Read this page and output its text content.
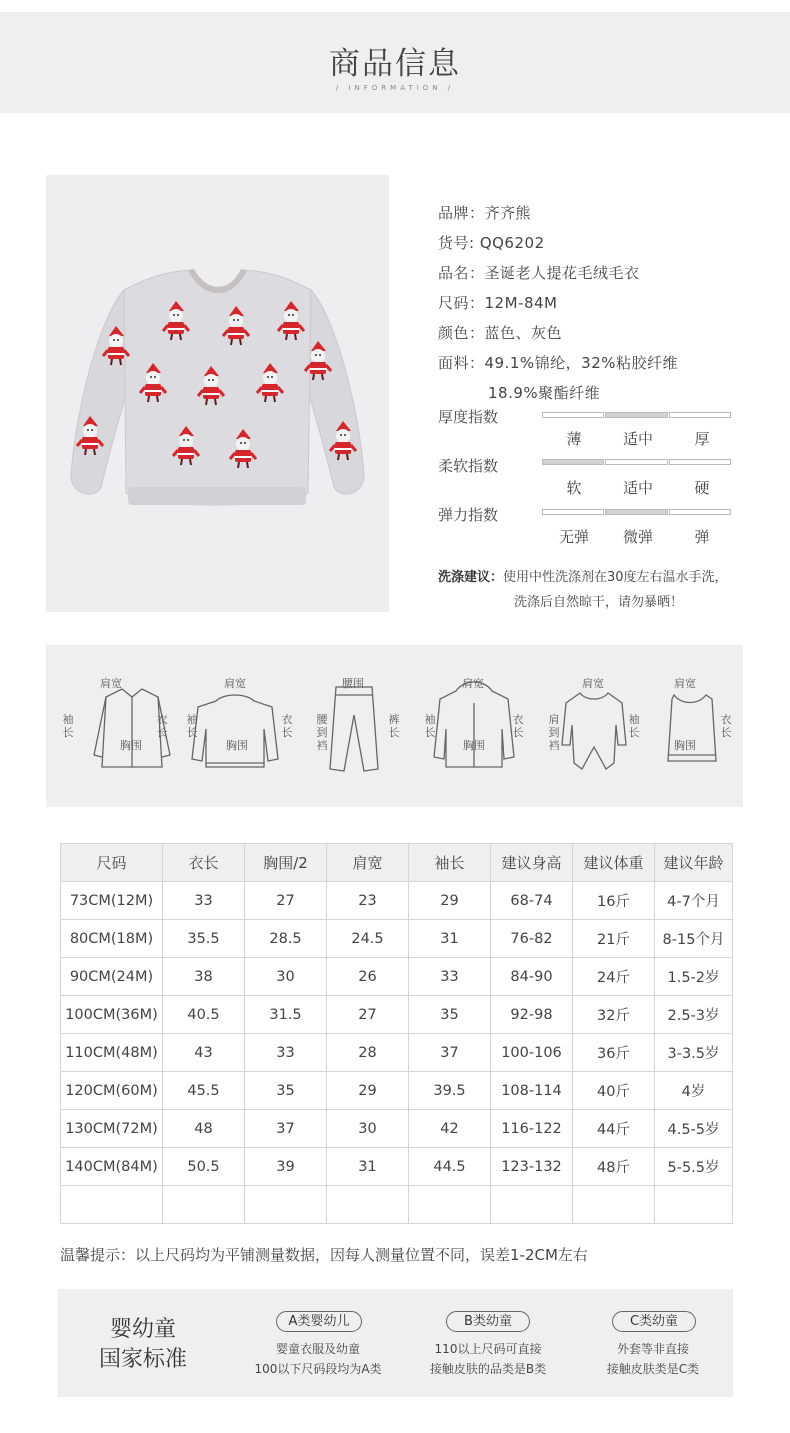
商品信息
/ INFORMATION /
品牌：齐齐熊
货号: QQ6202
品名：圣诞老人提花毛绒毛衣
尺码：12M-84M
颜色：蓝色、灰色
面料：49.1%锦纶，32%粘胶纤维
18.9%聚酯纤维
厚度指数
薄	适中	厚
柔软指数
软	适中	硬
弹力指数
无弹	微弹	弹
洗涤建议：使用中性洗涤剂在30度左右温水手洗，
洗涤后自然晾干，请勿暴晒！
肩宽
胸围
袖长
衣长
肩宽
胸围
袖长
衣长
腰围
腰到裆
裤长
肩宽
胸围
袖长
衣长
肩宽
肩到裆
袖长
肩宽
胸围
衣长
尺码	衣长	胸围/2	肩宽	袖长	建议身高	建议体重	建议年龄
73CM(12M)	33	27	23	29	68-74	16斤	4-7个月
80CM(18M)	35.5	28.5	24.5	31	76-82	21斤	8-15个月
90CM(24M)	38	30	26	33	84-90	24斤	1.5-2岁
100CM(36M)	40.5	31.5	27	35	92-98	32斤	2.5-3岁
110CM(48M)	43	33	28	37	100-106	36斤	3-3.5岁
120CM(60M)	45.5	35	29	39.5	108-114	40斤	4岁
130CM(72M)	48	37	30	42	116-122	44斤	4.5-5岁
140CM(84M)	50.5	39	31	44.5	123-132	48斤	5-5.5岁

温馨提示：以上尺码均为平铺测量数据，因每人测量位置不同，误差1-2CM左右
婴幼童
国家标准
A类婴幼儿
婴童衣服及幼童
100以下尺码段均为A类
B类幼童
110以上尺码可直接
接触皮肤的品类是B类
C类幼童
外套等非直接
接触皮肤类是C类
